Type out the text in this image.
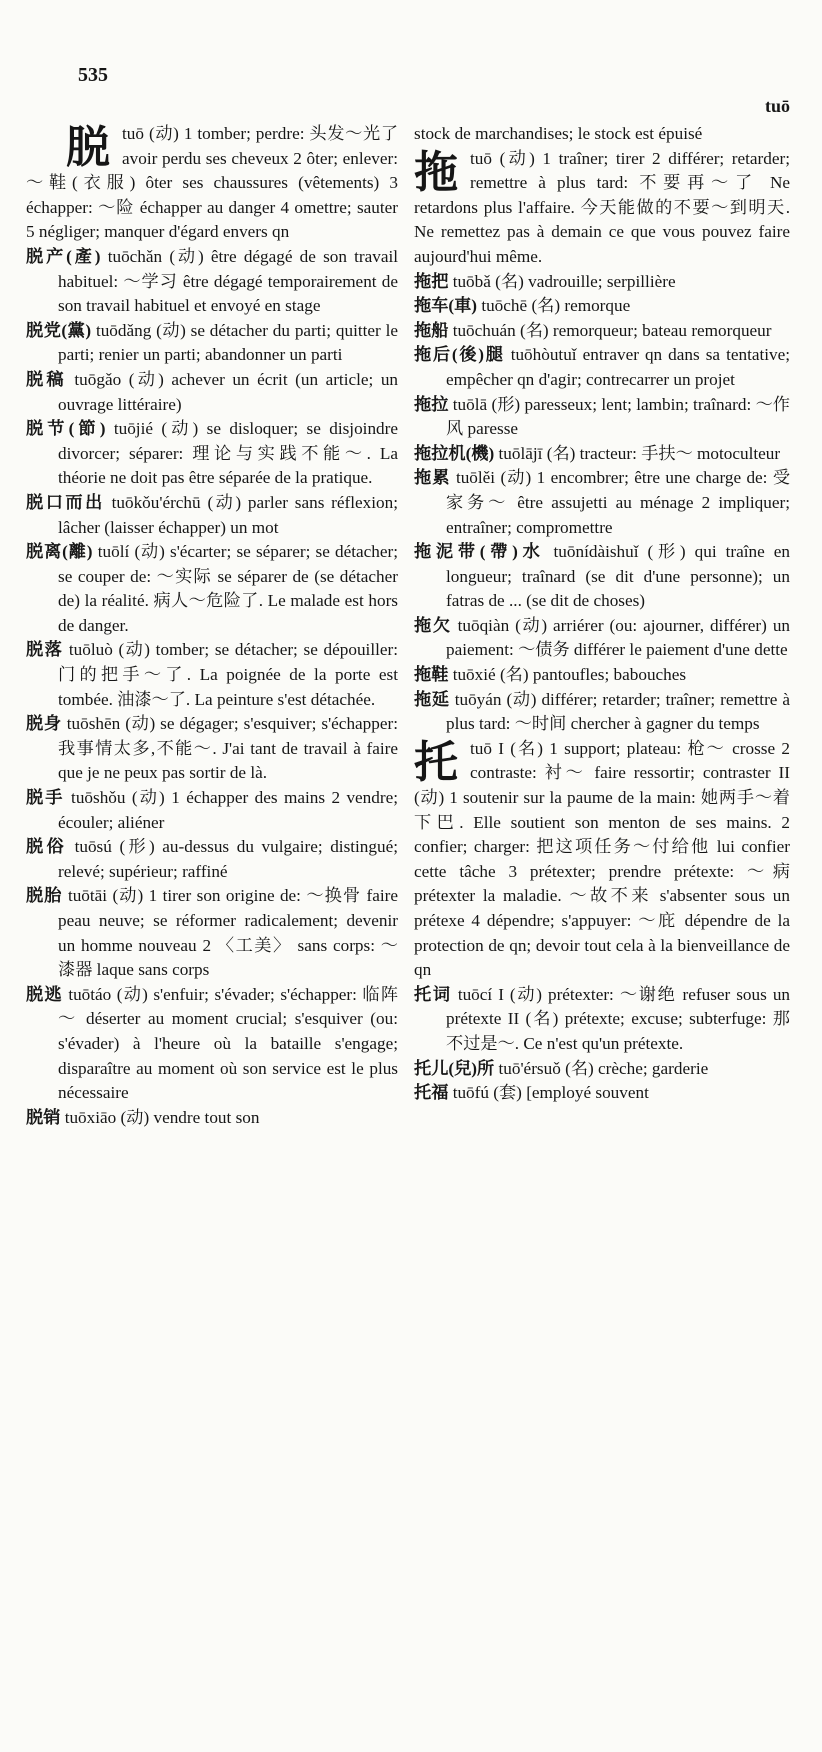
535
tuō

脱 tuō (动) 1 tomber; perdre: 头发～光了 avoir perdu ses cheveux 2 ôter; enlever: ～鞋(衣服) ôter ses chaussures (vêtements) 3 échapper: ～险 échapper au danger 4 omettre; sauter 5 négliger; manquer d'égard envers qn

脱产(產) tuōchǎn (动) être dégagé de son travail habituel: ～学习 être dégagé temporairement de son travail habituel et envoyé en stage

脱党(黨) tuōdǎng (动) se détacher du parti; quitter le parti; renier un parti; abandonner un parti

脱稿 tuōgǎo (动) achever un écrit (un article; un ouvrage littéraire)

脱节(節) tuōjié (动) se disloquer; se disjoindre divorcer; séparer: 理论与实践不能～. La théorie ne doit pas être séparée de la pratique.

脱口而出 tuōkǒu'érchū (动) parler sans réflexion; lâcher (laisser échapper) un mot

脱离(離) tuōlí (动) s'écarter; se séparer; se détacher; se couper de: ～实际 se séparer de (se détacher de) la réalité. 病人～危险了. Le malade est hors de danger.

脱落 tuōluò (动) tomber; se détacher; se dépouiller: 门的把手～了. La poignée de la porte est tombée. 油漆～了. La peinture s'est détachée.

脱身 tuōshēn (动) se dégager; s'esquiver; s'échapper: 我事情太多,不能～. J'ai tant de travail à faire que je ne peux pas sortir de là.

脱手 tuōshǒu (动) 1 échapper des mains 2 vendre; écouler; aliéner

脱俗 tuōsú (形) au-dessus du vulgaire; distingué; relevé; supérieur; raffiné

脱胎 tuōtāi (动) 1 tirer son origine de: ～换骨 faire peau neuve; se réformer radicalement; devenir un homme nouveau 2 〈工美〉 sans corps: ～漆器 laque sans corps

脱逃 tuōtáo (动) s'enfuir; s'évader; s'échapper: 临阵～ déserter au moment crucial; s'esquiver (ou: s'évader) à l'heure où la bataille s'engage; disparaître au moment où son service est le plus nécessaire

脱销 tuōxiāo (动) vendre tout son

stock de marchandises; le stock est épuisé

拖 tuō (动) 1 traîner; tirer 2 différer; retarder; remettre à plus tard: 不要再～了 Ne retardons plus l'affaire. 今天能做的不要～到明天. Ne remettez pas à demain ce que vous pouvez faire aujourd'hui même.

拖把 tuōbǎ (名) vadrouille; serpillière

拖车(車) tuōchē (名) remorque

拖船 tuōchuán (名) remorqueur; bateau remorqueur

拖后(後)腿 tuōhòutuǐ entraver qn dans sa tentative; empêcher qn d'agir; contrecarrer un projet

拖拉 tuōlā (形) paresseux; lent; lambin; traînard: ～作风 paresse

拖拉机(機) tuōlājī (名) tracteur: 手扶～ motoculteur

拖累 tuōlěi (动) 1 encombrer; être une charge de: 受家务～ être assujetti au ménage 2 impliquer; entraîner; compromettre

拖泥带(帶)水 tuōnídàishuǐ (形) qui traîne en longueur; traînard (se dit d'une personne); un fatras de ... (se dit de choses)

拖欠 tuōqiàn (动) arriérer (ou: ajourner, différer) un paiement: ～债务 différer le paiement d'une dette

拖鞋 tuōxié (名) pantoufles; babouches

拖延 tuōyán (动) différer; retarder; traîner; remettre à plus tard: ～时间 chercher à gagner du temps

托 tuō I (名) 1 support; plateau: 枪～ crosse 2 contraste: 衬～ faire ressortir; contraster II (动) 1 soutenir sur la paume de la main: 她两手～着下巴. Elle soutient son menton de ses mains. 2 confier; charger: 把这项任务～付给他 lui confier cette tâche 3 prétexter; prendre prétexte: ～病 prétexter la maladie. ～故不来 s'absenter sous un prétexe 4 dépendre; s'appuyer: ～庇 dépendre de la protection de qn; devoir tout cela à la bienveillance de qn

托词 tuōcí I (动) prétexter: ～谢绝 refuser sous un prétexte II (名) prétexte; excuse; subterfuge: 那不过是～. Ce n'est qu'un prétexte.

托儿(兒)所 tuō'érsuǒ (名) crèche; garderie

托福 tuōfú (套) [employé souvent
